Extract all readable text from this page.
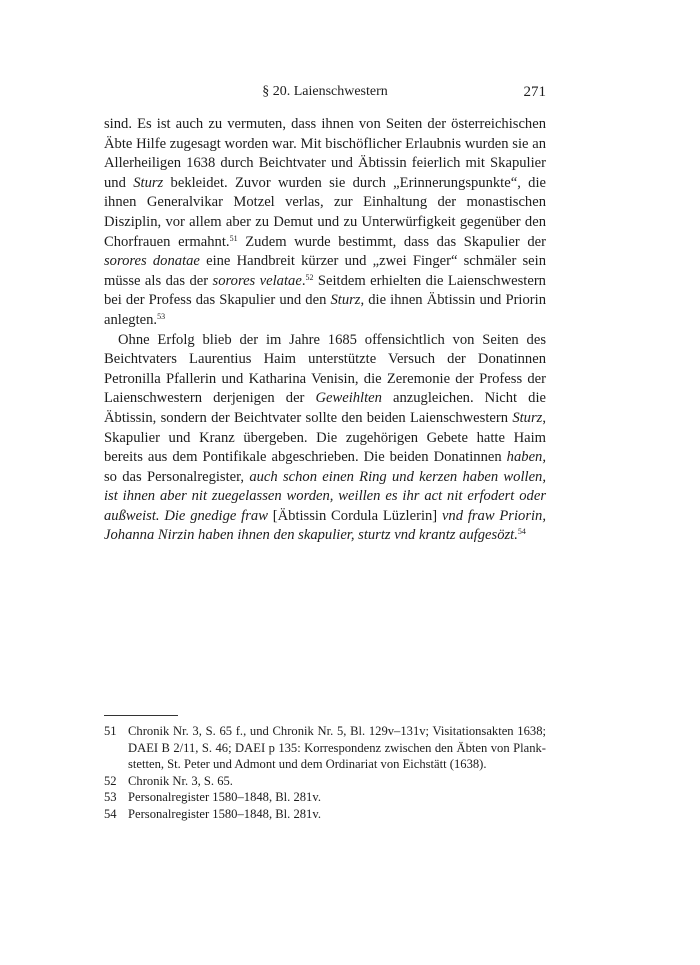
§ 20. Laienschwestern	271

sind. Es ist auch zu vermuten, dass ihnen von Seiten der österreichischen Äbte Hilfe zugesagt worden war. Mit bischöflicher Erlaubnis wurden sie an Allerheiligen 1638 durch Beichtvater und Äbtissin feierlich mit Skapulier und Sturz bekleidet. Zuvor wurden sie durch „Erinnerungspunkte“, die ihnen Generalvikar Motzel verlas, zur Einhaltung der monastischen Disziplin, vor allem aber zu Demut und zu Unterwürfigkeit gegenüber den Chorfrauen ermahnt.$^{51}$ Zudem wurde bestimmt, dass das Skapulier der sorores donatae eine Handbreit kürzer und „zwei Finger“ schmäler sein müsse als das der sorores velatae.$^{52}$ Seitdem erhielten die Laienschwestern bei der Profess das Skapulier und den Sturz, die ihnen Äbtissin und Priorin anlegten.$^{53}$

Ohne Erfolg blieb der im Jahre 1685 offensichtlich von Seiten des Beichtvaters Laurentius Haim unterstützte Versuch der Donatinnen Petronilla Pfallerin und Katharina Venisin, die Zeremonie der Profess der Laienschwestern derjenigen der Geweihlten anzugleichen. Nicht die Äbtissin, sondern der Beichtvater sollte den beiden Laienschwestern Sturz, Skapulier und Kranz übergeben. Die zugehörigen Gebete hatte Haim bereits aus dem Pontifikale abgeschrieben. Die beiden Donatinnen haben, so das Personalregister, auch schon einen Ring und kerzen haben wollen, ist ihnen aber nit zuegelassen worden, weillen es ihr act nit erfodert oder außweist. Die gnedige fraw [Äbtissin Cordula Lüzlerin] vnd fraw Priorin, Johanna Nirzin haben ihnen den skapulier, sturtz vnd krantz aufgesözt.$^{54}$

51 Chronik Nr. 3, S. 65 f., und Chronik Nr. 5, Bl. 129v–131v; Visitationsakten 1638; DAEI B 2/11, S. 46; DAEI p 135: Korrespondenz zwischen den Äbten von Plankstetten, St. Peter und Admont und dem Ordinariat von Eichstätt (1638).
52 Chronik Nr. 3, S. 65.
53 Personalregister 1580–1848, Bl. 281v.
54 Personalregister 1580–1848, Bl. 281v.
